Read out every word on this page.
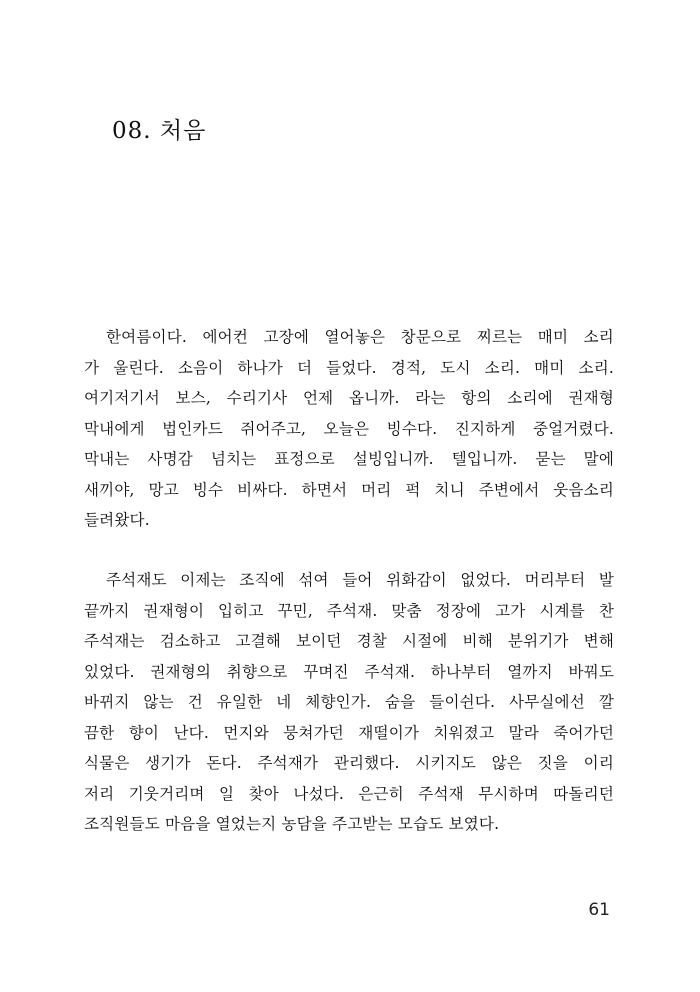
08. 처음
한여름이다. 에어컨 고장에 열어놓은 창문으로 찌르는 매미 소리
가 울린다. 소음이 하나가 더 들었다. 경적, 도시 소리. 매미 소리.
여기저기서 보스, 수리기사 언제 옵니까. 라는 항의 소리에 권재형
막내에게 법인카드 쥐어주고, 오늘은 빙수다. 진지하게 중얼거렸다.
막내는 사명감 넘치는 표정으로 설빙입니까. 텔입니까. 묻는 말에
새끼야, 망고 빙수 비싸다. 하면서 머리 퍽 치니 주변에서 웃음소리
들려왔다.
주석재도 이제는 조직에 섞여 들어 위화감이 없었다. 머리부터 발
끝까지 권재형이 입히고 꾸민, 주석재. 맞춤 정장에 고가 시계를 찬
주석재는 검소하고 고결해 보이던 경찰 시절에 비해 분위기가 변해
있었다. 권재형의 취향으로 꾸며진 주석재. 하나부터 열까지 바꿔도
바뀌지 않는 건 유일한 네 체향인가. 숨을 들이쉰다. 사무실에선 깔
끔한 향이 난다. 먼지와 뭉쳐가던 재떨이가 치워졌고 말라 죽어가던
식물은 생기가 돈다. 주석재가 관리했다. 시키지도 않은 짓을 이리
저리 기웃거리며 일 찾아 나섰다. 은근히 주석재 무시하며 따돌리던
조직원들도 마음을 열었는지 농담을 주고받는 모습도 보였다.
61
